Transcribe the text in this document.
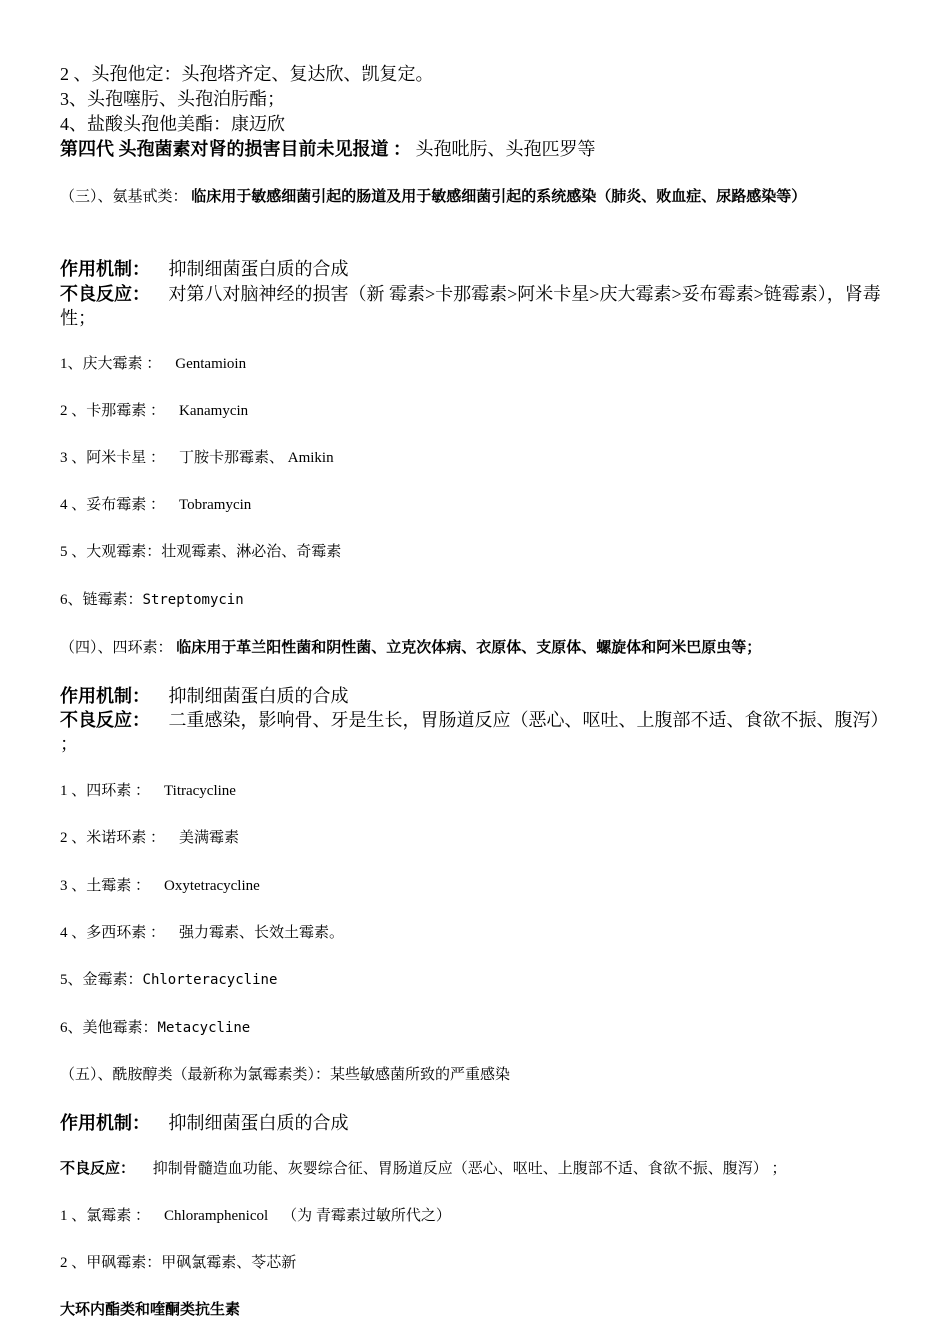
2 、头孢他定：头孢塔齐定、复达欣、凯复定。
3、头孢噻肟、头孢泊肟酯；
4、盐酸头孢他美酯：康迈欣
第四代 头孢菌素对肾的损害目前未见报道 ： 头孢吡肟、头孢匹罗等
（三）、氨基甙类： 临床用于敏感细菌引起的肠道及用于敏感细菌引起的系统感染（肺炎、败血症、尿路感染等）
作用机制： 抑制细菌蛋白质的合成
不良反应： 对第八对脑神经的损害（新 霉素>卡那霉素>阿米卡星>庆大霉素>妥布霉素>链霉素），肾毒性；
1、庆大霉素 ： Gentamioin
2 、卡那霉素 ： Kanamycin
3 、阿米卡星 ： 丁胺卡那霉素、 Amikin
4 、妥布霉素 ： Tobramycin
5 、大观霉素：壮观霉素、淋必治、奇霉素
6、链霉素：Streptomycin
（四）、四环素： 临床用于革兰阳性菌和阴性菌、立克次体病、衣原体、支原体、螺旋体和阿米巴原虫等；
作用机制： 抑制细菌蛋白质的合成
不良反应： 二重感染，影响骨、牙是生长，胃肠道反应（恶心、呕吐、上腹部不适、食欲不振、腹泻） ；
1 、四环素 ： Titracycline
2 、米诺环素 ： 美满霉素
3 、土霉素 ： Oxytetracycline
4 、多西环素 ： 强力霉素、长效土霉素。
5、金霉素：Chlorteracycline
6、美他霉素：Metacycline
（五）、酰胺醇类（最新称为氯霉素类）：某些敏感菌所致的严重感染
作用机制： 抑制细菌蛋白质的合成
不良反应： 抑制骨髓造血功能、灰婴综合征、胃肠道反应（恶心、呕吐、上腹部不适、食欲不振、腹泻） ；
1 、氯霉素 ： Chloramphenicol （为 青霉素过敏所代之）
2 、甲砜霉素：甲砜氯霉素、苓芯新
大环内酯类和喹酮类抗生素
